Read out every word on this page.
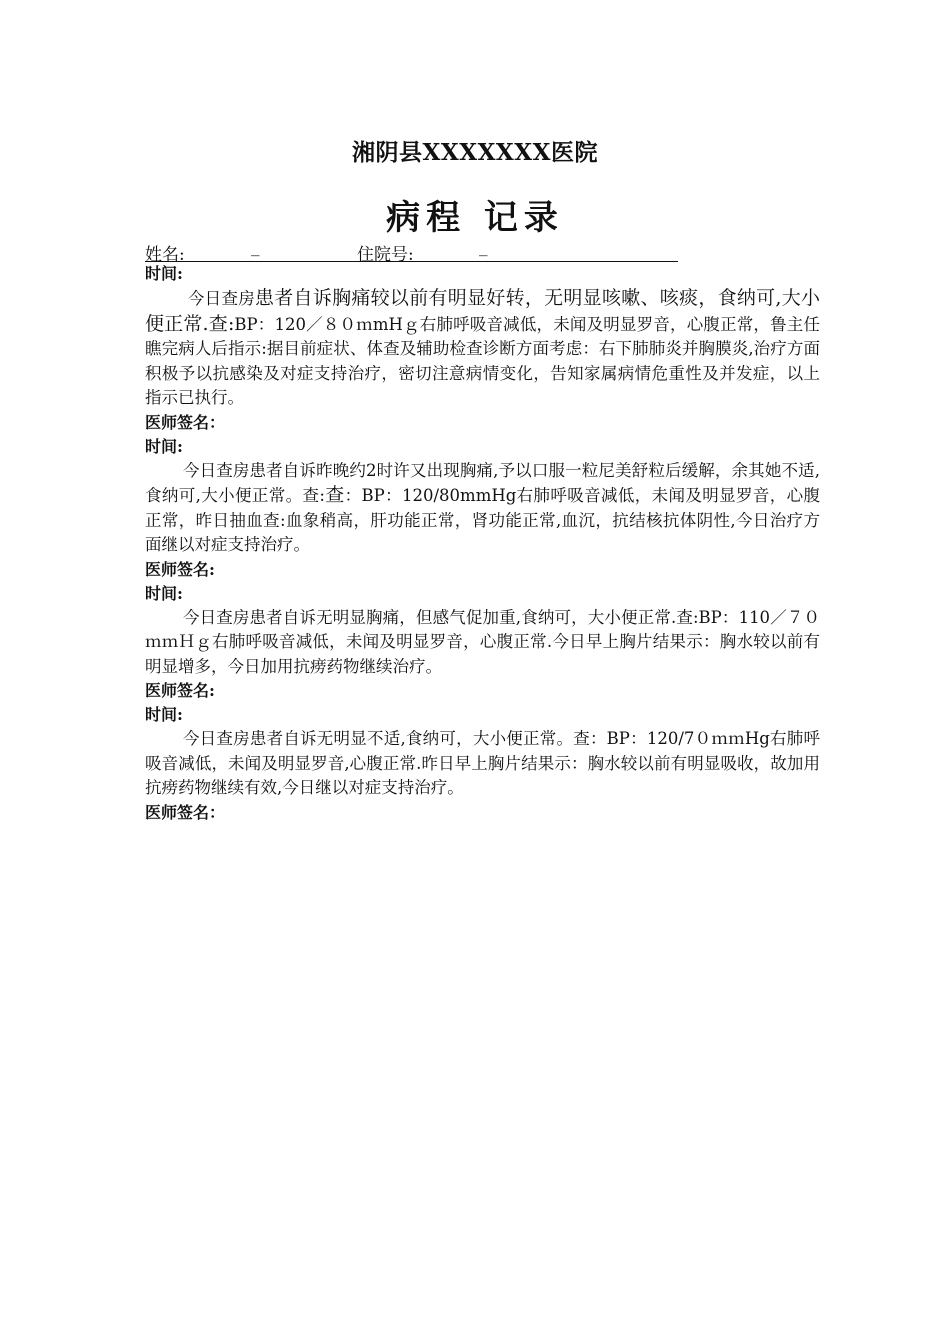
湘阴县XXXXXXX医院
病程 记录
姓名:	_	住院号:	_
时间:

今日查房患者自诉胸痛较以前有明显好转，无明显咳嗽、咳痰，食纳可,大小便正常.查:BP：120／８０ｍmHｇ右肺呼吸音减低，未闻及明显罗音，心腹正常，鲁主任瞧完病人后指示:据目前症状、体查及辅助检查诊断方面考虑：右下肺肺炎并胸膜炎,治疗方面积极予以抗感染及对症支持治疗，密切注意病情变化，告知家属病情危重性及并发症，以上指示已执行。

医师签名：
时间:

今日查房患者自诉昨晚约2时许又出现胸痛,予以口服一粒尼美舒粒后缓解，余其她不适,食纳可,大小便正常。查:查：BP：120/80mmHg右肺呼吸音减低，未闻及明显罗音，心腹正常，昨日抽血查:血象稍高，肝功能正常，肾功能正常,血沉，抗结核抗体阴性,今日治疗方面继以对症支持治疗。

医师签名:
时间:

今日查房患者自诉无明显胸痛，但感气促加重,食纳可，大小便正常.查:BP：110／７０ｍｍＨｇ右肺呼吸音减低，未闻及明显罗音，心腹正常.今日早上胸片结果示：胸水较以前有明显增多，今日加用抗痨药物继续治疗。

医师签名:
时间:

今日查房患者自诉无明显不适,食纳可，大小便正常。查：BP：120/7０ｍｍHg右肺呼吸音减低，未闻及明显罗音,心腹正常.昨日早上胸片结果示：胸水较以前有明显吸收，故加用抗痨药物继续有效,今日继以对症支持治疗。

医师签名：
